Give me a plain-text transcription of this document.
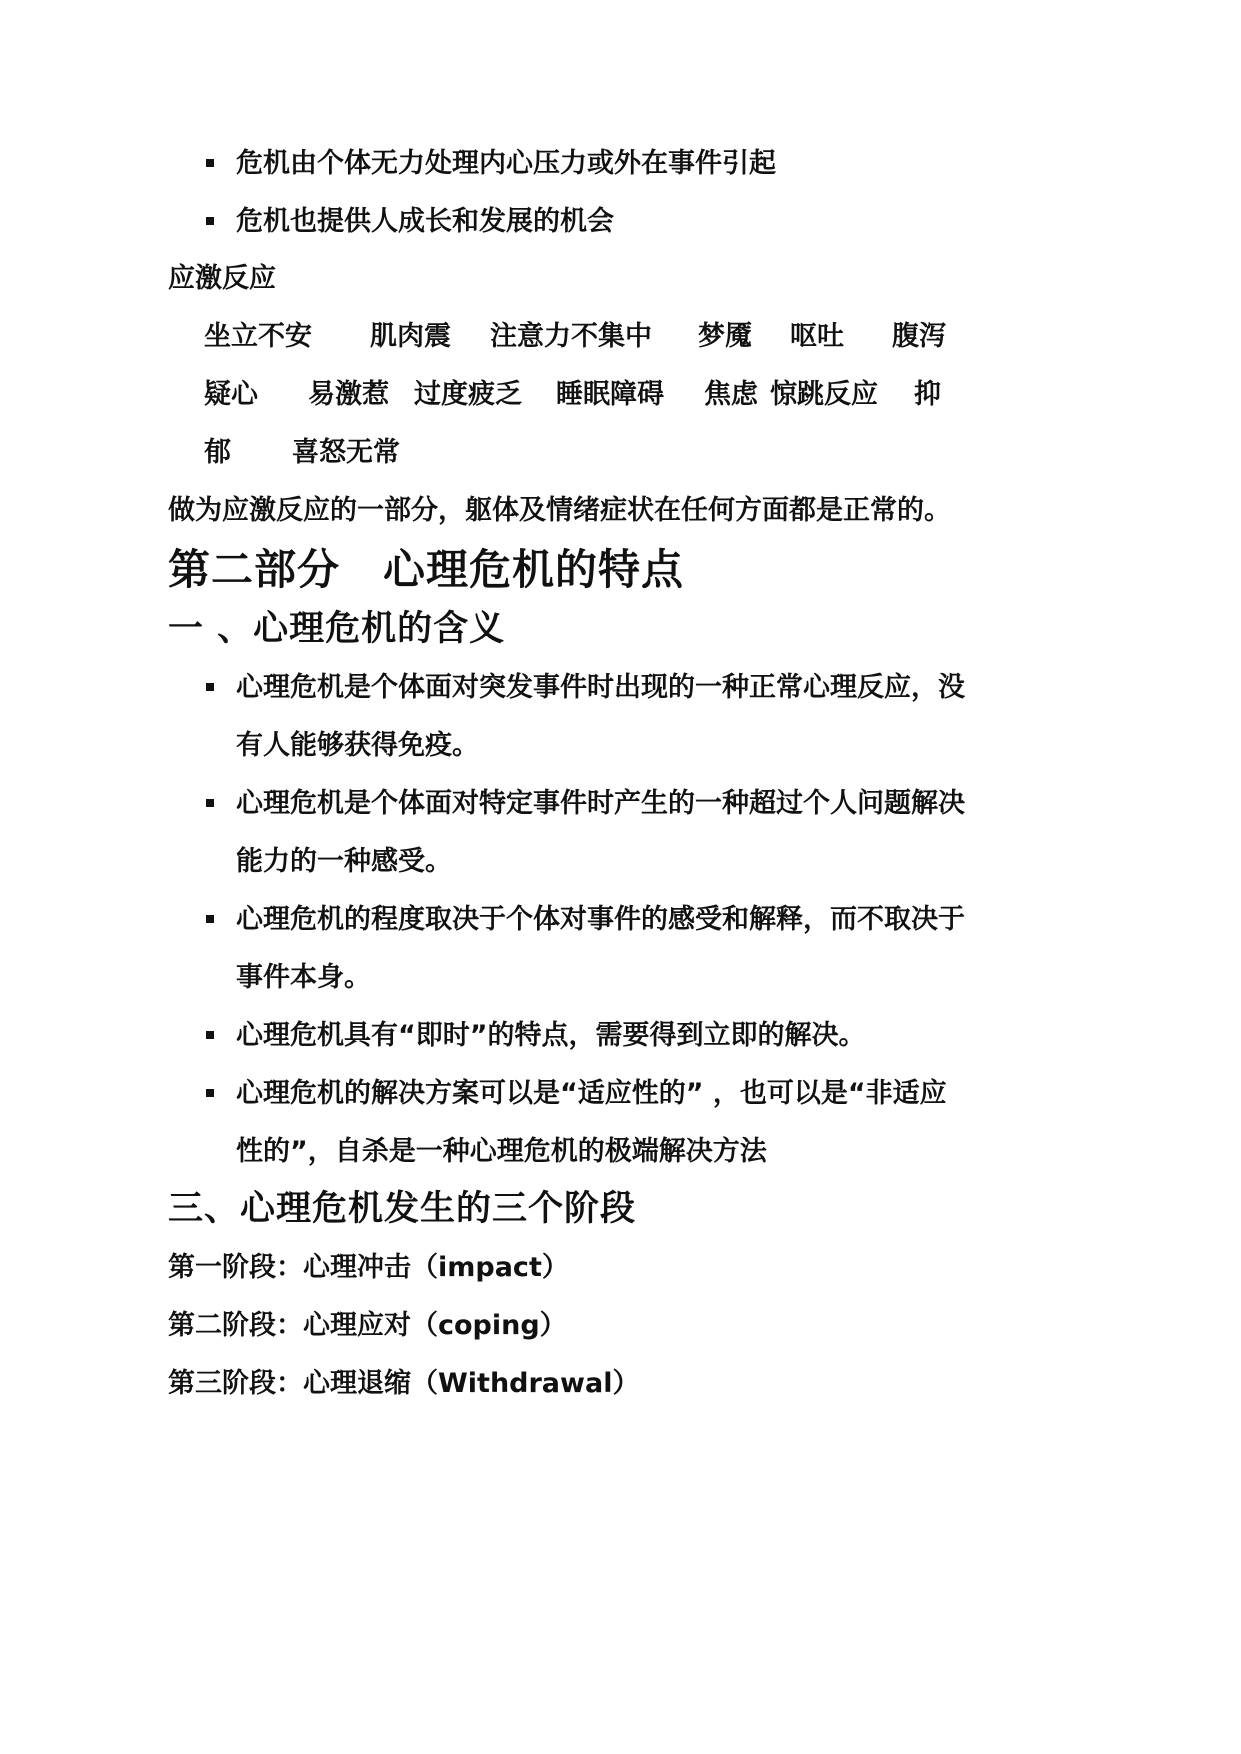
危机由个体无力处理内心压力或外在事件引起
危机也提供人成长和发展的机会
应激反应
坐立不安 肌肉震 注意力不集中 梦魇 呕吐 腹泻
疑心 易激惹 过度疲乏 睡眠障碍 焦虑 惊跳反应 抑
郁 喜怒无常
做为应激反应的一部分，躯体及情绪症状在任何方面都是正常的。
第二部分　心理危机的特点
一 、心理危机的含义
心理危机是个体面对突发事件时出现的一种正常心理反应，没
有人能够获得免疫。
心理危机是个体面对特定事件时产生的一种超过个人问题解决
能力的一种感受。
心理危机的程度取决于个体对事件的感受和解释，而不取决于
事件本身。
心理危机具有“即时”的特点，需要得到立即的解决。
心理危机的解决方案可以是“适应性的” ，也可以是“非适应
性的”，自杀是一种心理危机的极端解决方法
三、心理危机发生的三个阶段
第一阶段：心理冲击（impact）
第二阶段：心理应对（coping）
第三阶段：心理退缩（Withdrawal）
